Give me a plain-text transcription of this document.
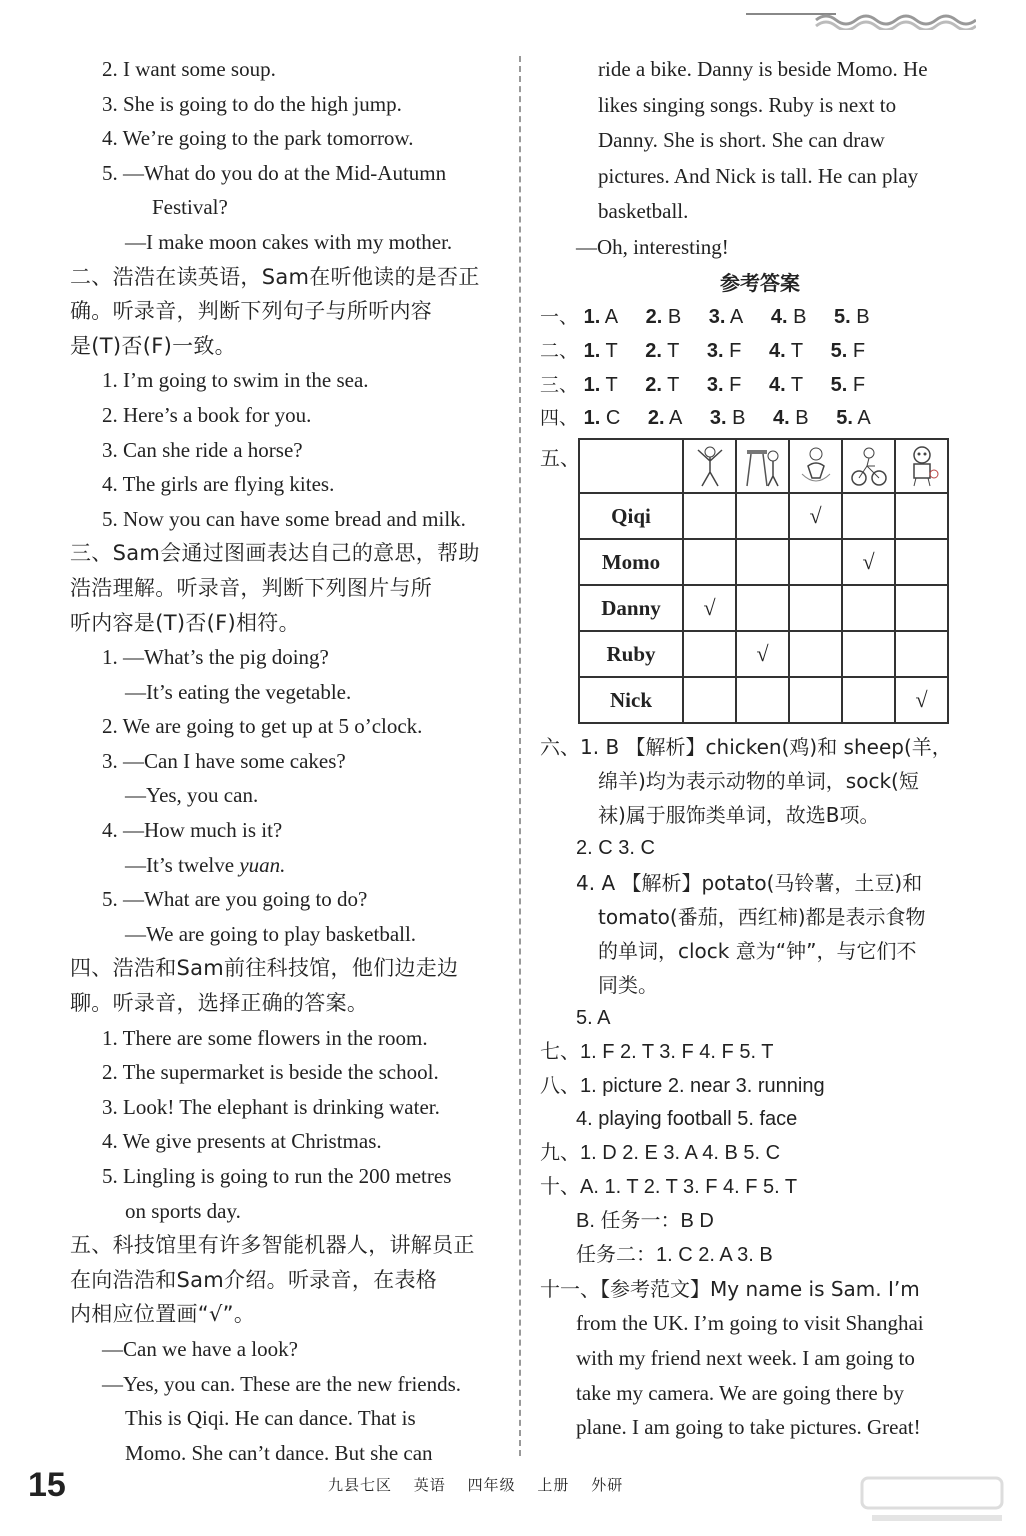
2. I want some soup.
3. She is going to do the high jump.
4. We’re going to the park tomorrow.
5. —What do you do at the Mid-Autumn
Festival?
—I make moon cakes with my mother.
二、浩浩在读英语，Sam在听他读的是否正
确。听录音，判断下列句子与所听内容
是(T)否(F)一致。
1. I’m going to swim in the sea.
2. Here’s a book for you.
3. Can she ride a horse?
4. The girls are flying kites.
5. Now you can have some bread and milk.
三、Sam会通过图画表达自己的意思，帮助
浩浩理解。听录音，判断下列图片与所
听内容是(T)否(F)相符。
1. —What’s the pig doing?
—It’s eating the vegetable.
2. We are going to get up at 5 o’clock.
3. —Can I have some cakes?
—Yes, you can.
4. —How much is it?
—It’s twelve yuan.
5. —What are you going to do?
—We are going to play basketball.
四、浩浩和Sam前往科技馆，他们边走边
聊。听录音，选择正确的答案。
1. There are some flowers in the room.
2. The supermarket is beside the school.
3. Look! The elephant is drinking water.
4. We give presents at Christmas.
5. Lingling is going to run the 200 metres
on sports day.
五、科技馆里有许多智能机器人，讲解员正
在向浩浩和Sam介绍。听录音，在表格
内相应位置画“√”。
—Can we have a look?
—Yes, you can. These are the new friends.
This is Qiqi. He can dance. That is
Momo. She can’t dance. But she can
ride a bike. Danny is beside Momo. He
likes singing songs. Ruby is next to
Danny. She is short. She can draw
pictures. And Nick is tall. He can play
basketball.
—Oh, interesting!
参考答案
一、 1. A 2. B 3. A 4. B 5. B
二、 1. T 2. T 3. F 4. T 5. F
三、 1. T 2. T 3. F 4. T 5. F
四、 1. C 2. A 3. B 4. B 5. A
五、

Qiqi			√		
Momo				√	
Danny	√				
Ruby		√			
Nick					√
六、1. B 【解析】chicken(鸡)和 sheep(羊，
绵羊)均为表示动物的单词，sock(短
袜)属于服饰类单词，故选B项。
2. C 3. C
4. A 【解析】potato(马铃薯，土豆)和
tomato(番茄，西红柿)都是表示食物
的单词，clock 意为“钟”，与它们不
同类。
5. A
七、1. F 2. T 3. F 4. F 5. T
八、1. picture 2. near 3. running
4. playing football 5. face
九、1. D 2. E 3. A 4. B 5. C
十、A. 1. T 2. T 3. F 4. F 5. T
B. 任务一：B D
任务二：1. C 2. A 3. B
十一、【参考范文】My name is Sam. I’m
from the UK. I’m going to visit Shanghai
with my friend next week. I am going to
take my camera. We are going there by
plane. I am going to take pictures. Great!
15	九县七区 英语 四年级 上册 外研
